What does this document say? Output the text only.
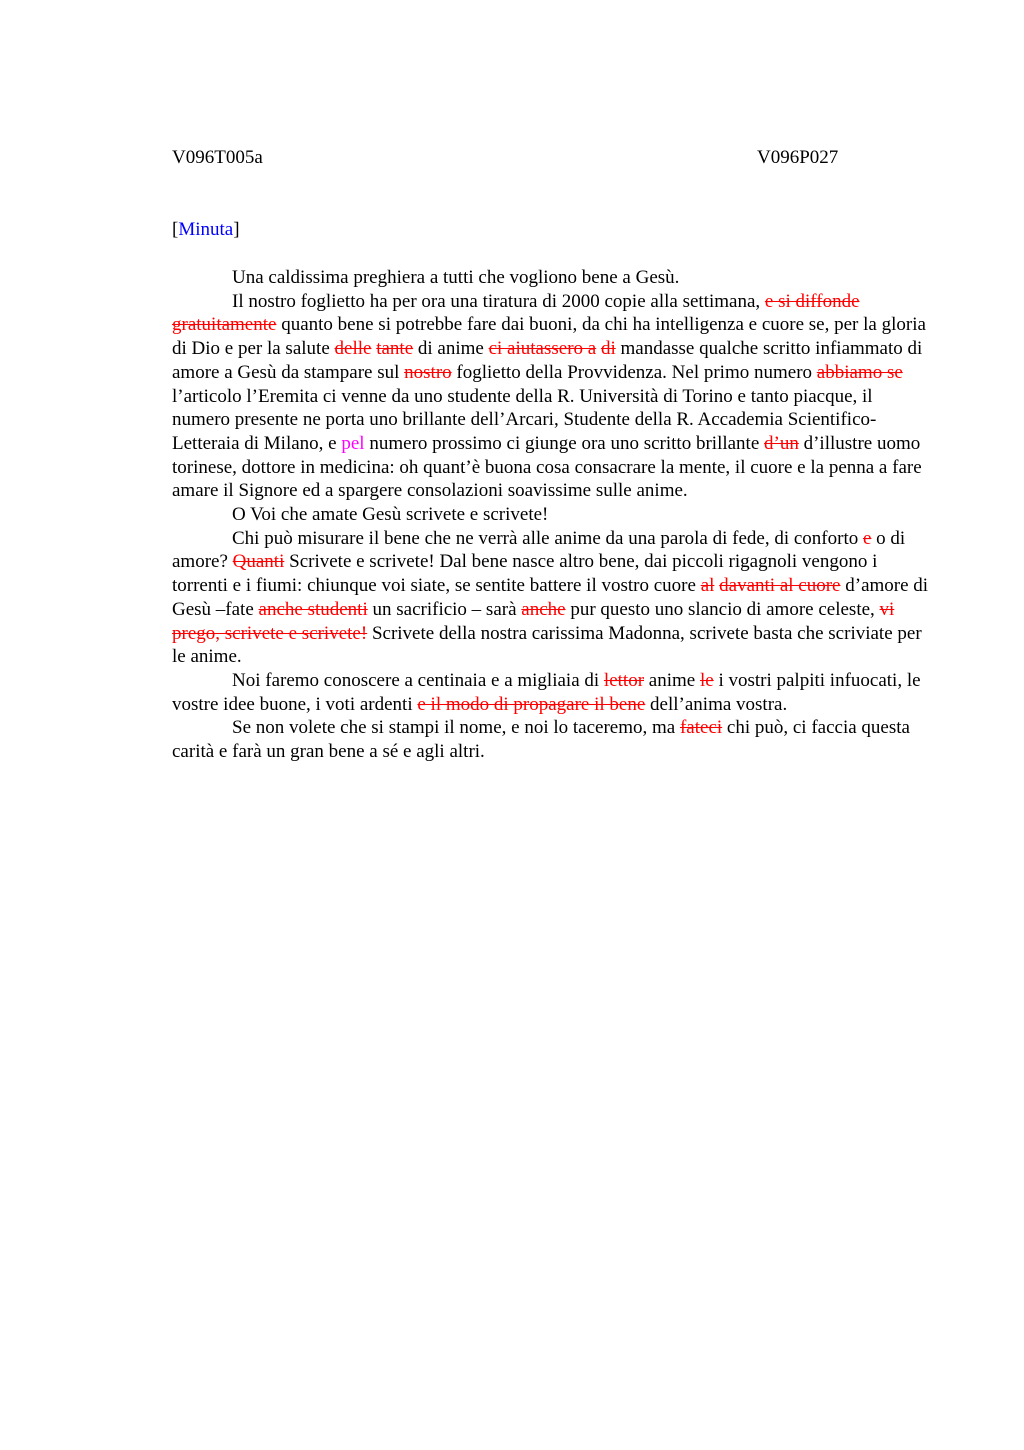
V096T005a	V096P027
[Minuta]

Una caldissima preghiera a tutti che vogliono bene a Gesù.

Il nostro foglietto ha per ora una tiratura di 2000 copie alla settimana, e si diffonde gratuitamente quanto bene si potrebbe fare dai buoni, da chi ha intelligenza e cuore se, per la gloria di Dio e per la salute delle tante di anime ci aiutassero a di mandasse qualche scritto infiammato di amore a Gesù da stampare sul nostro foglietto della Provvidenza. Nel primo numero abbiamo se l’articolo l’Eremita ci venne da uno studente della R. Università di Torino e tanto piacque, il numero presente ne porta uno brillante dell’Arcari, Studente della R. Accademia Scientifico-Letteraia di Milano, e pel numero prossimo ci giunge ora uno scritto brillante d’un d’illustre uomo torinese, dottore in medicina: oh quant’è buona cosa consacrare la mente, il cuore e la penna a fare amare il Signore ed a spargere consolazioni soavissime sulle anime.

O Voi che amate Gesù scrivete e scrivete!

Chi può misurare il bene che ne verrà alle anime da una parola di fede, di conforto e o di amore? Quanti Scrivete e scrivete! Dal bene nasce altro bene, dai piccoli rigagnoli vengono i torrenti e i fiumi: chiunque voi siate, se sentite battere il vostro cuore al davanti al cuore d’amore di Gesù –fate anche studenti un sacrificio – sarà anche pur questo uno slancio di amore celeste, vi prego, scrivete e scrivete! Scrivete della nostra carissima Madonna, scrivete basta che scriviate per le anime.

Noi faremo conoscere a centinaia e a migliaia di lettor anime le i vostri palpiti infuocati, le vostre idee buone, i voti ardenti e il modo di propagare il bene dell’anima vostra.

Se non volete che si stampi il nome, e noi lo taceremo, ma fateci chi può, ci faccia questa carità e farà un gran bene a sé e agli altri.
